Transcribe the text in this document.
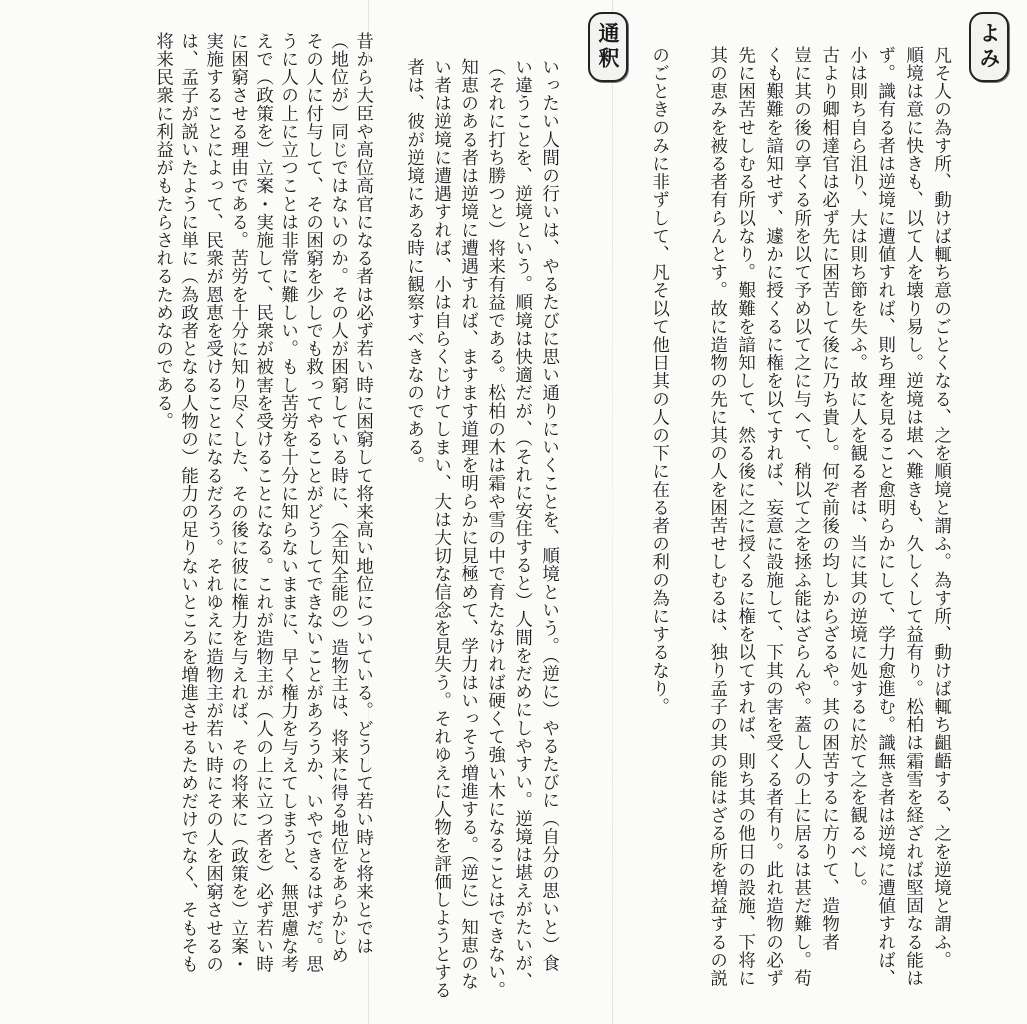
よみ
凡そ人の為す所、動けば輒ち意のごとくなる、之を順境と謂ふ。為す所、動けば輒ち齟齬する、之を逆境と謂ふ。
順境は意に快きも、以て人を壊り易し。逆境は堪へ難きも、久しくして益有り。松柏は霜雪を経ざれば堅固なる能は
ず。識有る者は逆境に遭値すれば、則ち理を見ること愈明らかにして、学力愈進む。識無き者は逆境に遭値すれば、
小は則ち自ら沮り、大は則ち節を失ふ。故に人を観る者は、当に其の逆境に処するに於て之を観るべし。
古より卿相達官は必ず先に困苦して後に乃ち貴し。何ぞ前後の均しからざるや。其の困苦するに方りて、造物者
豈に其の後の享くる所を以て予め以て之に与へて、稍以て之を拯ふ能はざらんや。蓋し人の上に居るは甚だ難し。苟
くも艱難を諳知せず、遽かに授くるに権を以てすれば、妄意に設施して、下其の害を受くる者有り。此れ造物の必ず
先に困苦せしむる所以なり。艱難を諳知して、然る後に之に授くるに権を以てすれば、則ち其の他日の設施、下将に
其の恵みを被る者有らんとす。故に造物の先に其の人を困苦せしむるは、独り孟子の其の能はざる所を増益するの説
のごときのみに非ずして、凡そ以て他日其の人の下に在る者の利の為にするなり。
通釈
いったい人間の行いは、やるたびに思い通りにいくことを、順境という。（逆に）やるたびに（自分の思いと）食
い違うことを、逆境という。順境は快適だが、（それに安住すると）人間をだめにしやすい。逆境は堪えがたいが、
（それに打ち勝つと）将来有益である。松柏の木は霜や雪の中で育たなければ硬くて強い木になることはできない。
知恵のある者は逆境に遭遇すれば、ますます道理を明らかに見極めて、学力はいっそう増進する。（逆に）知恵のな
い者は逆境に遭遇すれば、小は自らくじけてしまい、大は大切な信念を見失う。それゆえに人物を評価しようとする
者は、彼が逆境にある時に観察すべきなのである。
昔から大臣や高位高官になる者は必ず若い時に困窮して将来高い地位についている。どうして若い時と将来とでは
（地位が）同じではないのか。その人が困窮している時に、（全知全能の）造物主は、将来に得る地位をあらかじめ
その人に付与して、その困窮を少しでも救ってやることがどうしてできないことがあろうか、いやできるはずだ。思
うに人の上に立つことは非常に難しい。もし苦労を十分に知らないままに、早く権力を与えてしまうと、無思慮な考
えで（政策を）立案・実施して、民衆が被害を受けることになる。これが造物主が（人の上に立つ者を）必ず若い時
に困窮させる理由である。苦労を十分に知り尽くした、その後に彼に権力を与えれば、その将来に（政策を）立案・
実施することによって、民衆が恩恵を受けることになるだろう。それゆえに造物主が若い時にその人を困窮させるの
は、孟子が説いたように単に（為政者となる人物の）能力の足りないところを増進させるためだけでなく、そもそも
将来民衆に利益がもたらされるためなのである。
